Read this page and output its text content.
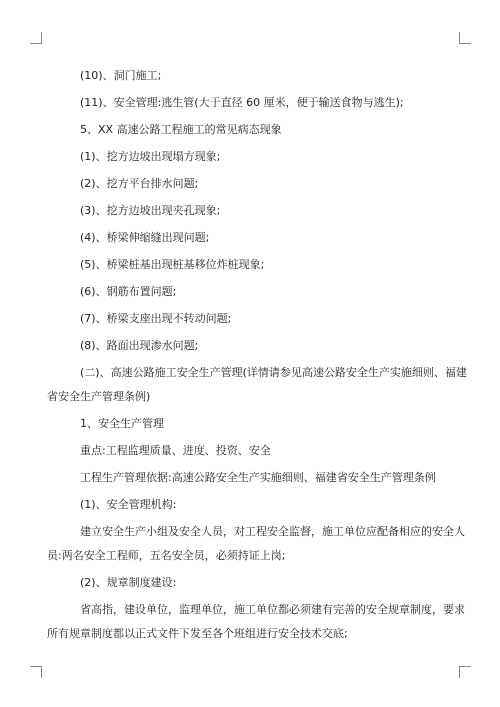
(10)、洞门施工;
(11)、安全管理:逃生管(大于直径 60 厘米，便于输送食物与逃生);
5、XX 高速公路工程施工的常见病态现象
(1)、挖方边坡出现塌方现象;
(2)、挖方平台排水问题;
(3)、挖方边坡出现夹孔现象;
(4)、桥梁伸缩缝出现问题;
(5)、桥梁桩基出现桩基移位炸桩现象;
(6)、钢筋布置问题;
(7)、桥梁支座出现不转动问题;
(8)、路面出现渗水问题;
(二)、高速公路施工安全生产管理(详情请参见高速公路安全生产实施细则、福建
省安全生产管理条例)
1、安全生产管理
重点:工程监理质量、进度、投资、安全
工程生产管理依据:高速公路安全生产实施细则、福建省安全生产管理条例
(1)、安全管理机构:
建立安全生产小组及安全人员，对工程安全监督，施工单位应配备相应的安全人
员:两名安全工程师，五名安全员，必须持证上岗;
(2)、规章制度建设:
省高指，建设单位，监理单位，施工单位都必须建有完善的安全规章制度，要求
所有规章制度都以正式文件下发至各个班组进行安全技术交底;
